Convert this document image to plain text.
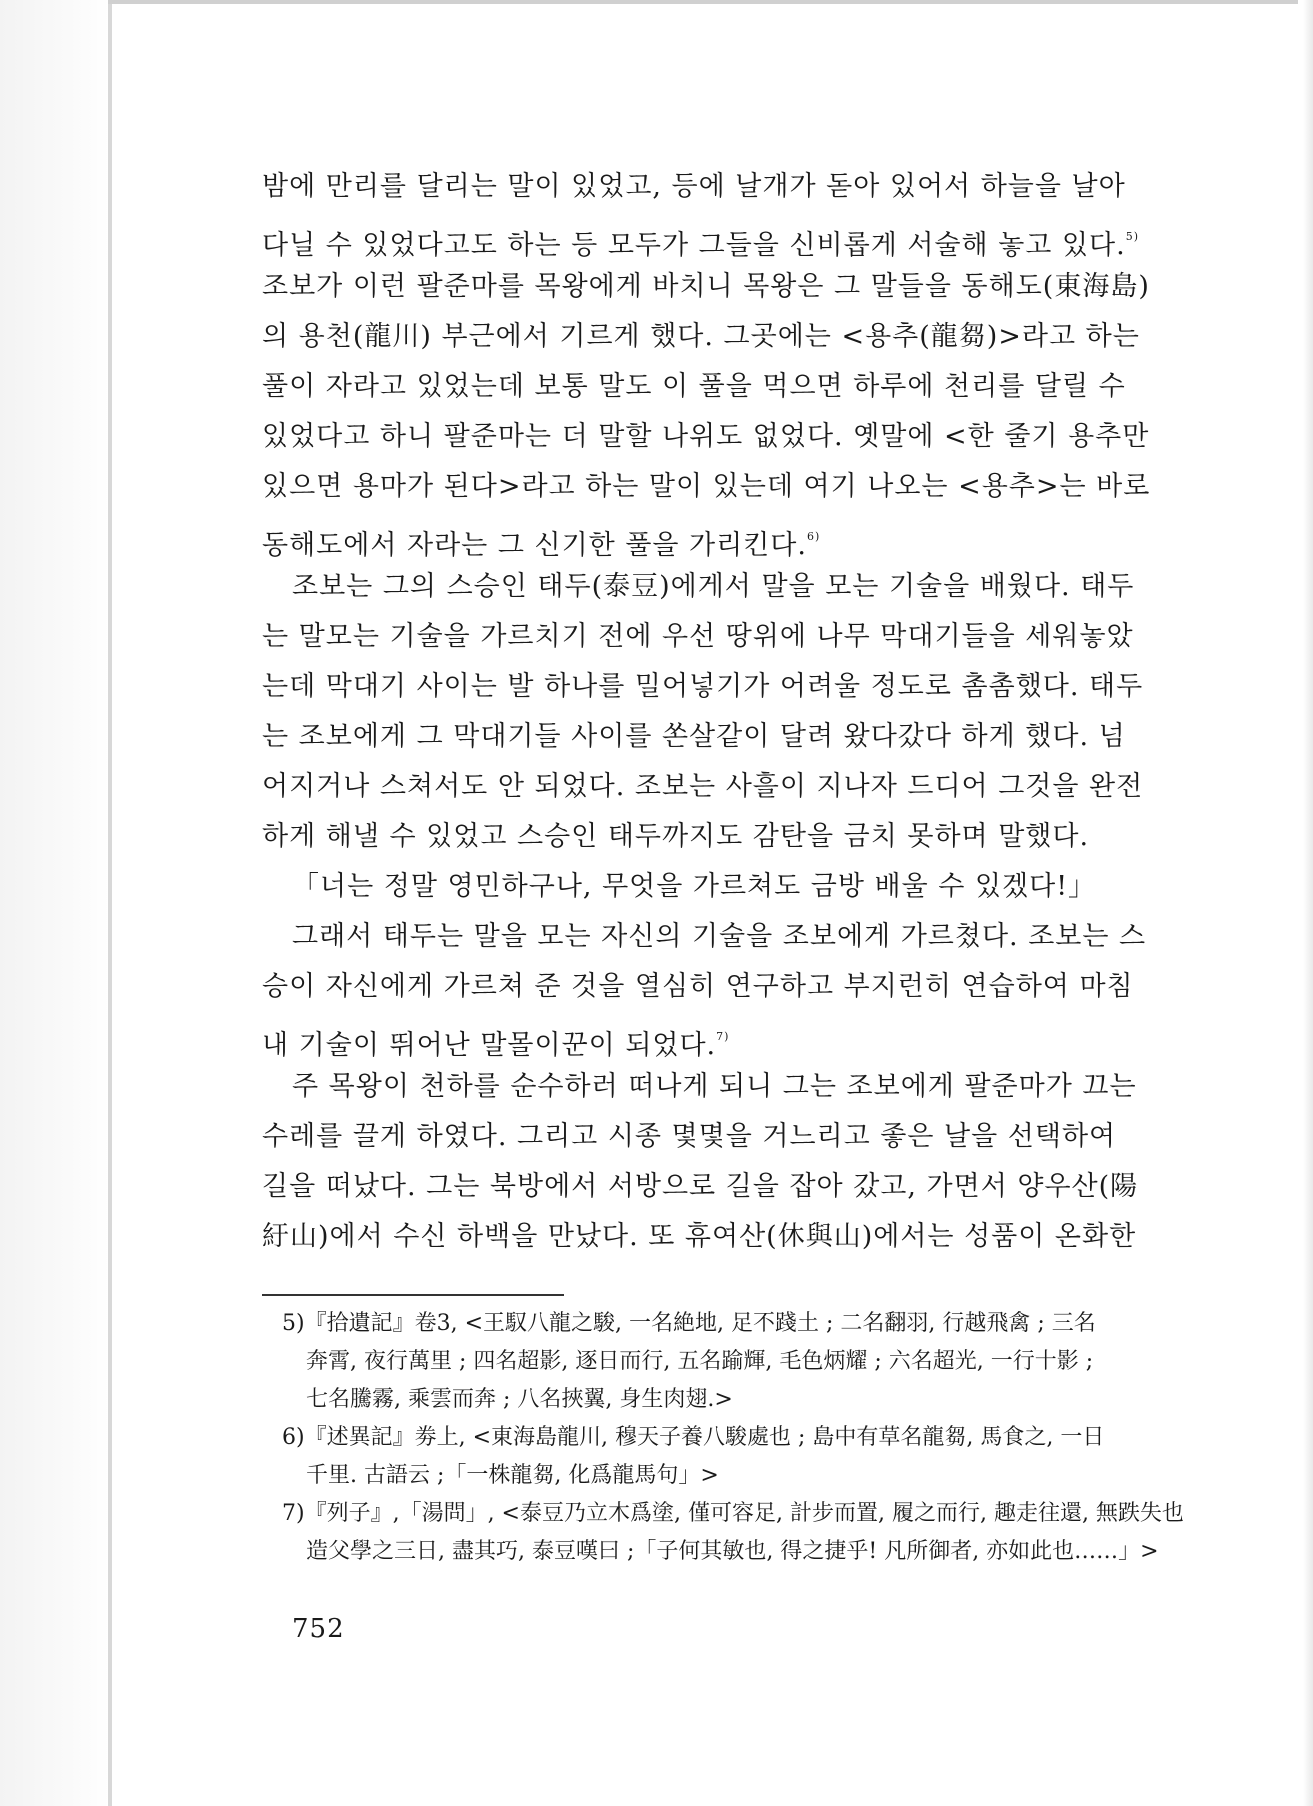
밤에 만리를 달리는 말이 있었고, 등에 날개가 돋아 있어서 하늘을 날아
다닐 수 있었다고도 하는 등 모두가 그들을 신비롭게 서술해 놓고 있다.$^{5)}$
조보가 이런 팔준마를 목왕에게 바치니 목왕은 그 말들을 동해도(東海島)
의 용천(龍川) 부근에서 기르게 했다. 그곳에는 <용추(龍芻)>라고 하는
풀이 자라고 있었는데 보통 말도 이 풀을 먹으면 하루에 천리를 달릴 수
있었다고 하니 팔준마는 더 말할 나위도 없었다. 옛말에 <한 줄기 용추만
있으면 용마가 된다>라고 하는 말이 있는데 여기 나오는 <용추>는 바로
동해도에서 자라는 그 신기한 풀을 가리킨다.$^{6)}$
조보는 그의 스승인 태두(泰豆)에게서 말을 모는 기술을 배웠다. 태두
는 말모는 기술을 가르치기 전에 우선 땅위에 나무 막대기들을 세워놓았
는데 막대기 사이는 발 하나를 밀어넣기가 어려울 정도로 촘촘했다. 태두
는 조보에게 그 막대기들 사이를 쏜살같이 달려 왔다갔다 하게 했다. 넘
어지거나 스쳐서도 안 되었다. 조보는 사흘이 지나자 드디어 그것을 완전
하게 해낼 수 있었고 스승인 태두까지도 감탄을 금치 못하며 말했다.
「너는 정말 영민하구나, 무엇을 가르쳐도 금방 배울 수 있겠다!」
그래서 태두는 말을 모는 자신의 기술을 조보에게 가르쳤다. 조보는 스
승이 자신에게 가르쳐 준 것을 열심히 연구하고 부지런히 연습하여 마침
내 기술이 뛰어난 말몰이꾼이 되었다.$^{7)}$
주 목왕이 천하를 순수하러 떠나게 되니 그는 조보에게 팔준마가 끄는
수레를 끌게 하였다. 그리고 시종 몇몇을 거느리고 좋은 날을 선택하여
길을 떠났다. 그는 북방에서 서방으로 길을 잡아 갔고, 가면서 양우산(陽
紆山)에서 수신 하백을 만났다. 또 휴여산(休與山)에서는 성품이 온화한
5)『拾遺記』卷3, <王馭八龍之駿, 一名絶地, 足不踐土 ; 二名翻羽, 行越飛禽 ; 三名
奔霄, 夜行萬里 ; 四名超影, 逐日而行, 五名踰輝, 毛色炳耀 ; 六名超光, 一行十影 ;
七名騰霧, 乘雲而奔 ; 八名挾翼, 身生肉翅.>
6)『述異記』劵上, <東海島龍川, 穆天子養八駿處也 ; 島中有草名龍芻, 馬食之, 一日
千里. 古語云 ;「一株龍芻, 化爲龍馬句」>
7)『列子』,「湯問」, <泰豆乃立木爲塗, 僅可容足, 計步而置, 履之而行, 趣走往還, 無跌失也
造父學之三日, 盡其巧, 泰豆嘆曰 ;「子何其敏也, 得之捷乎! 凡所御者, 亦如此也……」>
752
